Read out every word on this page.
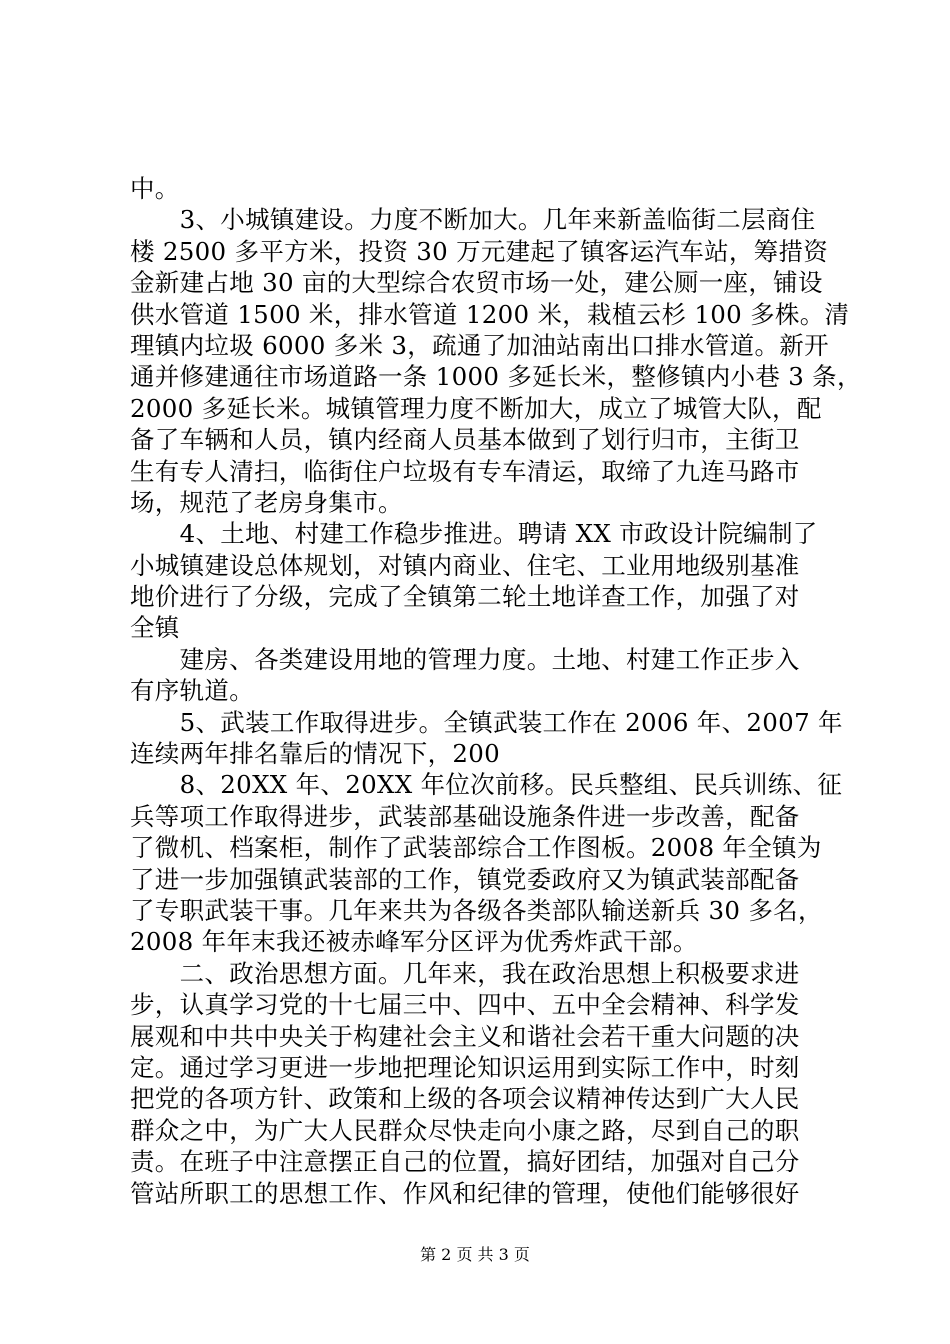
中。
　　3、小城镇建设。力度不断加大。几年来新盖临街二层商住
楼 2500 多平方米，投资 30 万元建起了镇客运汽车站，筹措资
金新建占地 30 亩的大型综合农贸市场一处，建公厕一座，铺设
供水管道 1500 米，排水管道 1200 米，栽植云杉 100 多株。清
理镇内垃圾 6000 多米 3，疏通了加油站南出口排水管道。新开
通并修建通往市场道路一条 1000 多延长米，整修镇内小巷 3 条，
2000 多延长米。城镇管理力度不断加大，成立了城管大队，配
备了车辆和人员，镇内经商人员基本做到了划行归市，主街卫
生有专人清扫，临街住户垃圾有专车清运，取缔了九连马路市
场，规范了老房身集市。
　　4、土地、村建工作稳步推进。聘请 XX 市政设计院编制了
小城镇建设总体规划，对镇内商业、住宅、工业用地级别基准
地价进行了分级，完成了全镇第二轮土地详查工作，加强了对
全镇
　　建房、各类建设用地的管理力度。土地、村建工作正步入
有序轨道。
　　5、武装工作取得进步。全镇武装工作在 2006 年、2007 年
连续两年排名靠后的情况下，200
　　8、20XX 年、20XX 年位次前移。民兵整组、民兵训练、征
兵等项工作取得进步，武装部基础设施条件进一步改善，配备
了微机、档案柜，制作了武装部综合工作图板。2008 年全镇为
了进一步加强镇武装部的工作，镇党委政府又为镇武装部配备
了专职武装干事。几年来共为各级各类部队输送新兵 30 多名，
2008 年年末我还被赤峰军分区评为优秀炸武干部。
　　二、政治思想方面。几年来，我在政治思想上积极要求进
步，认真学习党的十七届三中、四中、五中全会精神、科学发
展观和中共中央关于构建社会主义和谐社会若干重大问题的决
定。通过学习更进一步地把理论知识运用到实际工作中，时刻
把党的各项方针、政策和上级的各项会议精神传达到广大人民
群众之中，为广大人民群众尽快走向小康之路，尽到自己的职
责。在班子中注意摆正自己的位置，搞好团结，加强对自己分
管站所职工的思想工作、作风和纪律的管理，使他们能够很好
第 2 页 共 3 页
